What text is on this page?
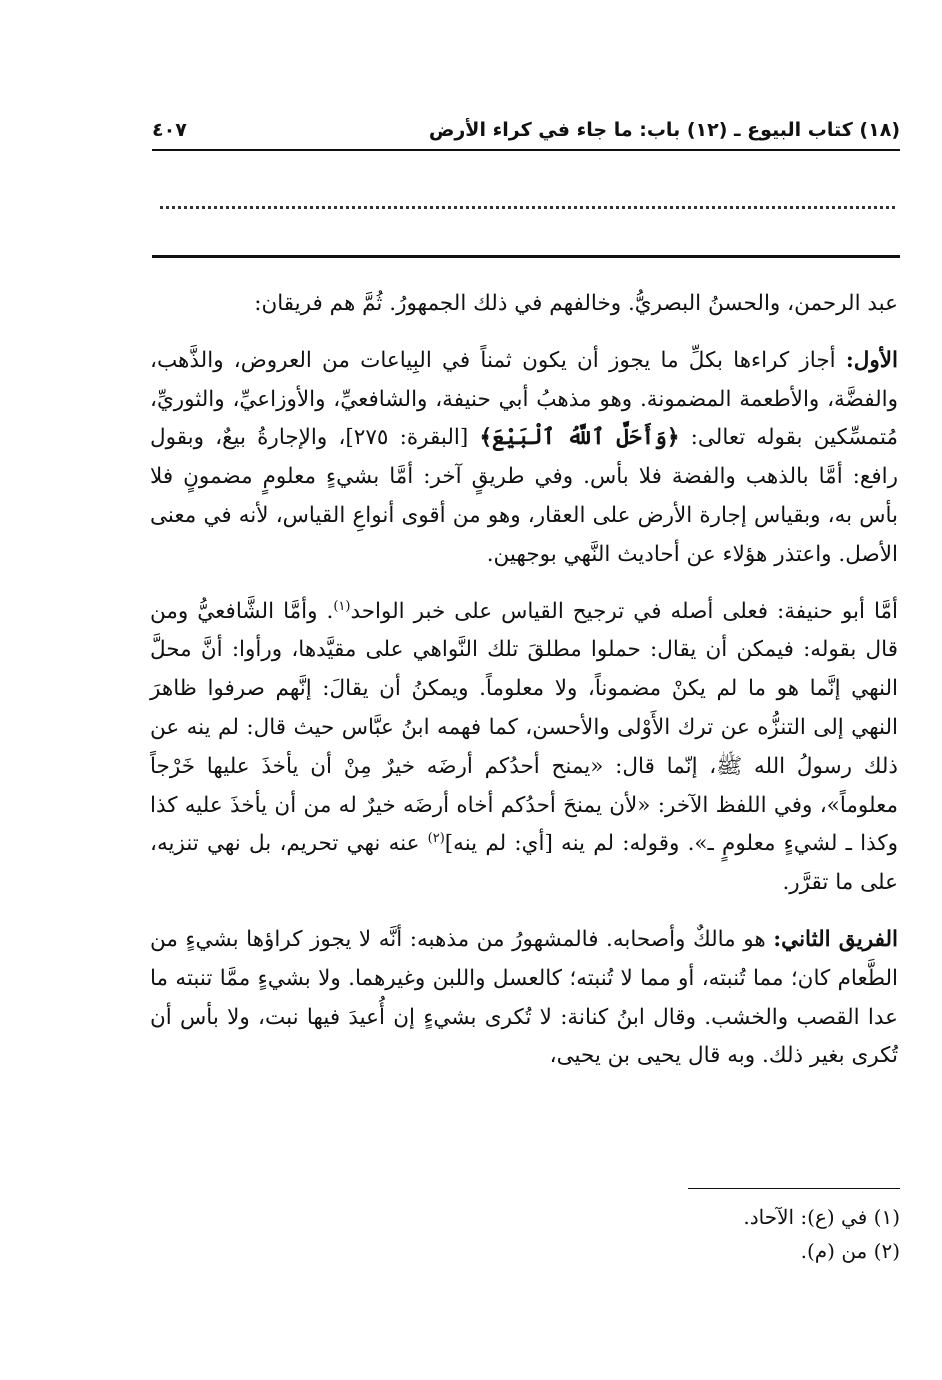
(١٨) كتاب البيوع ـ (١٢) باب: ما جاء في كراء الأرض
٤٠٧

عبد الرحمن، والحسنُ البصريُّ. وخالفهم في ذلك الجمهورُ. ثُمَّ هم فريقان:

الأول: أجاز كراءها بكلِّ ما يجوز أن يكون ثمناً في البِياعات من العروض، والذَّهب، والفضَّة، والأطعمة المضمونة. وهو مذهبُ أبي حنيفة، والشافعيِّ، والأوزاعيِّ، والثوريِّ، مُتمسِّكين بقوله تعالى: ﴿وَأَحَلَّ ٱللَّهُ ٱلْبَيْعَ﴾ [البقرة: ٢٧٥]، والإجارةُ بيعٌ، وبقول رافع: أمَّا بالذهب والفضة فلا بأس. وفي طريقٍ آخر: أمَّا بشيءٍ معلومٍ مضمونٍ فلا بأس به، وبقياس إجارة الأرض على العقار، وهو من أقوى أنواعِ القياس، لأنه في معنى الأصل. واعتذر هؤلاء عن أحاديث النَّهي بوجهين.

أمَّا أبو حنيفة: فعلى أصله في ترجيح القياس على خبر الواحد$^{(١)}$. وأمَّا الشَّافعيُّ ومن قال بقوله: فيمكن أن يقال: حملوا مطلقَ تلك النَّواهي على مقيَّدها، ورأوا: أنَّ محلَّ النهي إنَّما هو ما لم يكنْ مضموناً، ولا معلوماً. ويمكنُ أن يقالَ: إنَّهم صرفوا ظاهرَ النهي إلى التنزُّه عن ترك الأَوْلى والأحسن، كما فهمه ابنُ عبَّاس حيث قال: لم ينه عن ذلك رسولُ الله ﷺ، إنّما قال: «يمنح أحدُكم أرضَه خيرٌ مِنْ أن يأخذَ عليها خَرْجاً معلوماً»، وفي اللفظ الآخر: «لأن يمنحَ أحدُكم أخاه أرضَه خيرٌ له من أن يأخذَ عليه كذا وكذا ـ لشيءٍ معلومٍ ـ». وقوله: لم ينه [أي: لم ينه]$^{(٢)}$ عنه نهي تحريم، بل نهي تنزيه، على ما تقرَّر.

الفريق الثاني: هو مالكٌ وأصحابه. فالمشهورُ من مذهبه: أنَّه لا يجوز كراؤها بشيءٍ من الطَّعام كان؛ مما تُنبته، أو مما لا تُنبته؛ كالعسل واللبن وغيرهما. ولا بشيءٍ ممَّا تنبته ما عدا القصب والخشب. وقال ابنُ كنانة: لا تُكرى بشيءٍ إن أُعيدَ فيها نبت، ولا بأس أن تُكرى بغير ذلك. وبه قال يحيى بن يحيى،

(١) في (ع): الآحاد.

(٢) من (م).
